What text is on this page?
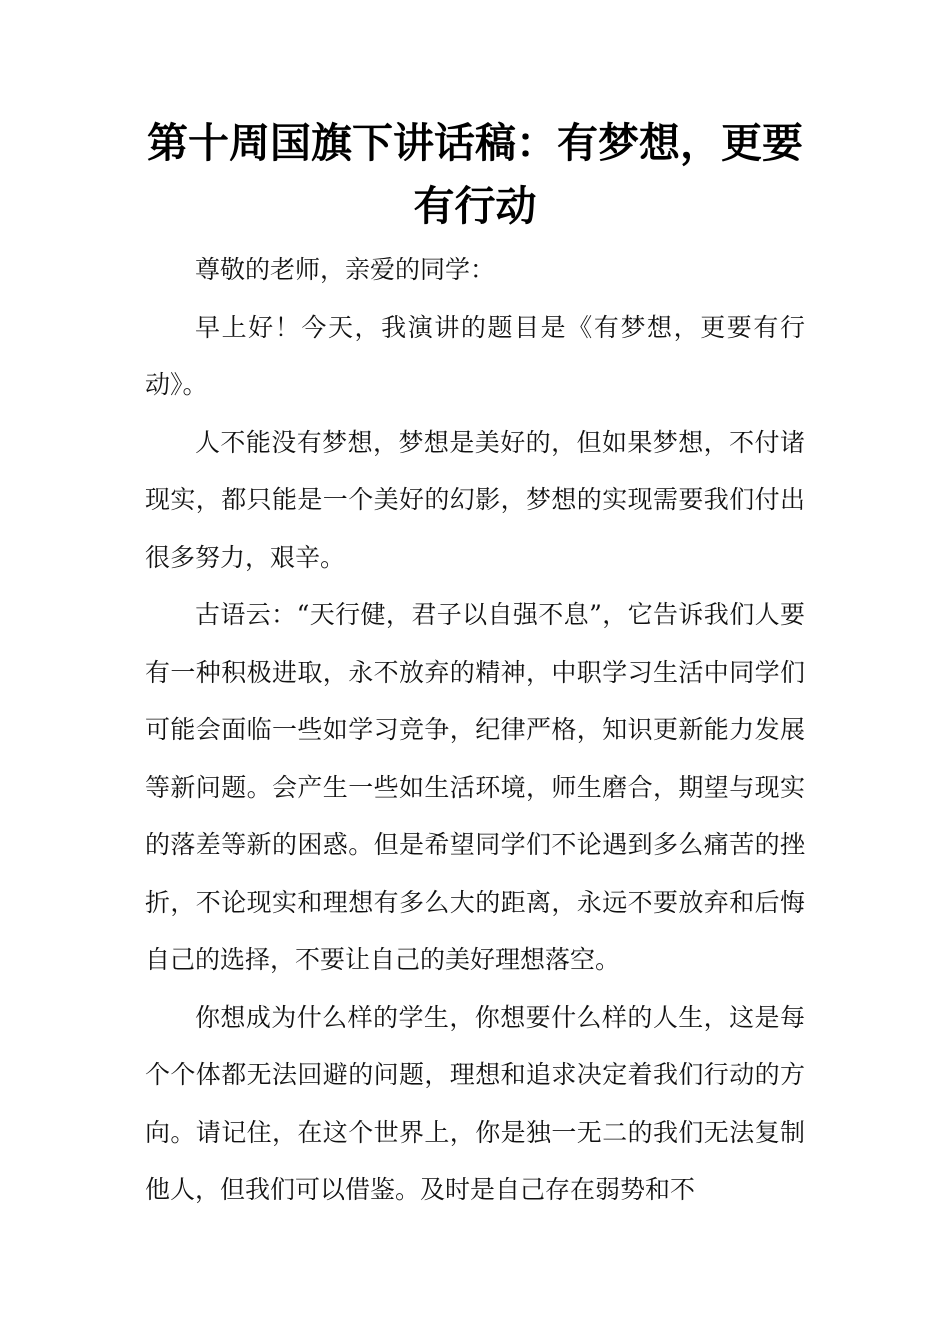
第十周国旗下讲话稿：有梦想，更要有行动

尊敬的老师，亲爱的同学：

早上好！今天，我演讲的题目是《有梦想，更要有行动》。

人不能没有梦想，梦想是美好的，但如果梦想，不付诸现实，都只能是一个美好的幻影，梦想的实现需要我们付出很多努力，艰辛。

古语云：“天行健，君子以自强不息”，它告诉我们人要有一种积极进取，永不放弃的精神，中职学习生活中同学们可能会面临一些如学习竞争，纪律严格，知识更新能力发展等新问题。会产生一些如生活环境，师生磨合，期望与现实的落差等新的困惑。但是希望同学们不论遇到多么痛苦的挫折，不论现实和理想有多么大的距离，永远不要放弃和后悔自己的选择，不要让自己的美好理想落空。

你想成为什么样的学生，你想要什么样的人生，这是每个个体都无法回避的问题，理想和追求决定着我们行动的方向。请记住，在这个世界上，你是独一无二的我们无法复制他人，但我们可以借鉴。及时是自己存在弱势和不
